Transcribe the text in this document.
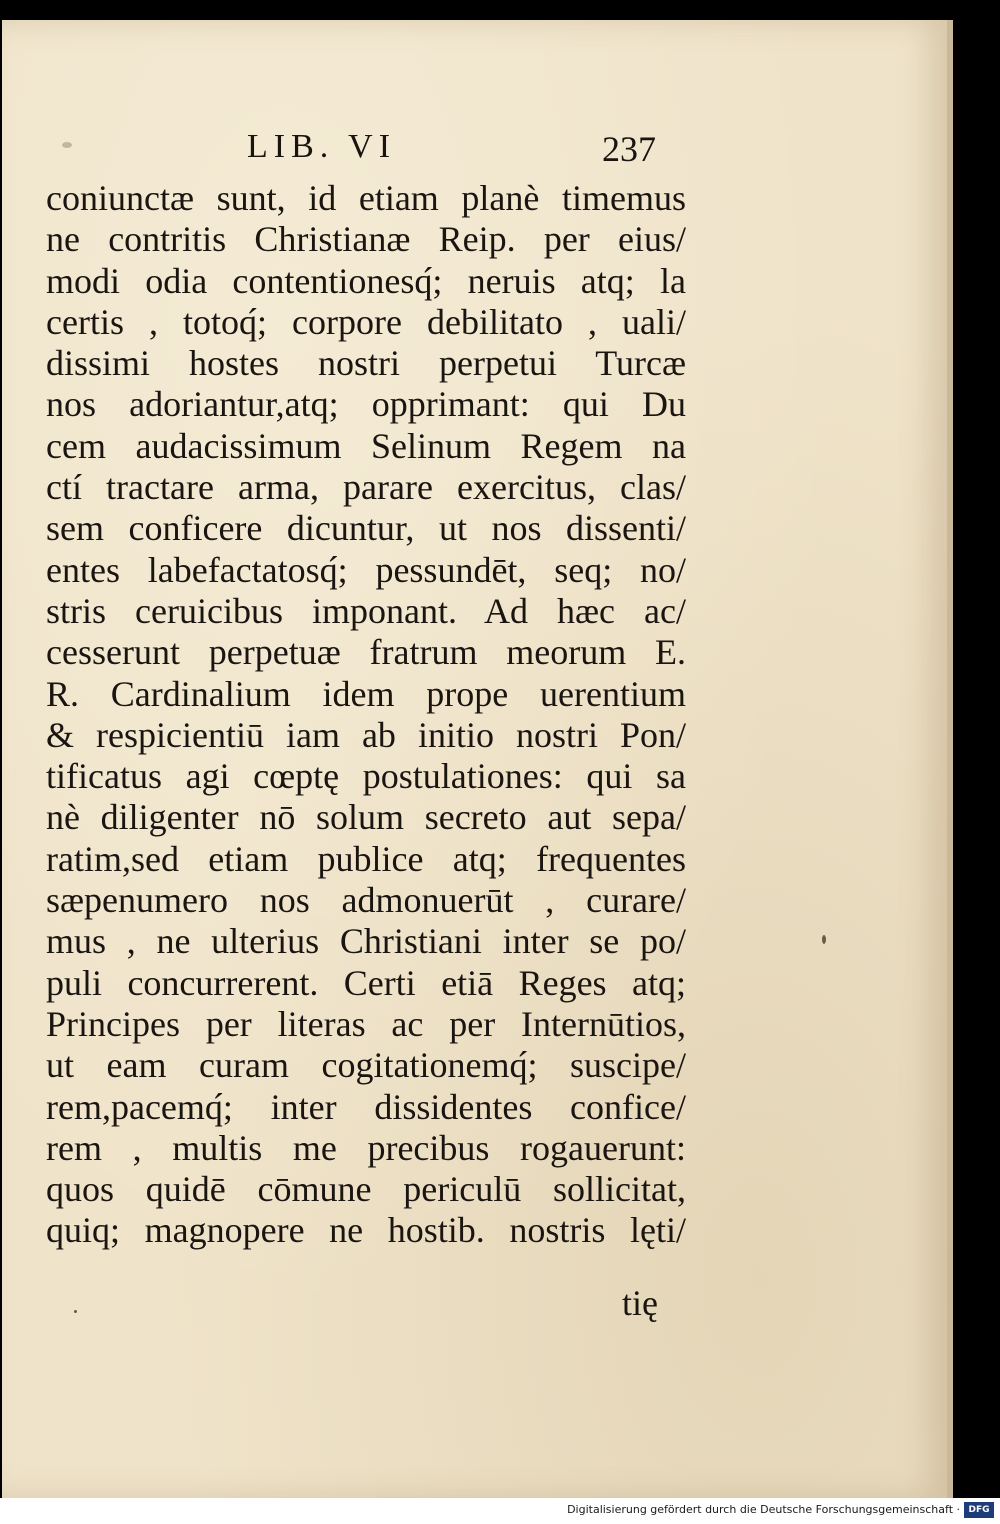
LIB. VI	237
coniunctæ sunt, id etiam planè timemus
ne contritis Christianæ Reip. per eius/
modi odia contentionesq́; neruis atq; la
certis , totoq́; corpore debilitato , uali/
dissimi hostes nostri perpetui Turcæ
nos adoriantur,atq; opprimant: qui Du
cem audacissimum Selinum Regem na
ctí tractare arma, parare exercitus, clas/
sem conficere dicuntur, ut nos dissenti/
entes labefactatosq́; pessundēt, seq; no/
stris ceruicibus imponant. Ad hæc ac/
cesserunt perpetuæ fratrum meorum E.
R. Cardinalium idem prope uerentium
& respicientiū iam ab initio nostri Pon/
tificatus agi cœptę postulationes: qui sa
nè diligenter nō solum secreto aut sepa/
ratim,sed etiam publice atq; frequentes
sæpenumero nos admonuerūt , curare/
mus , ne ulterius Christiani inter se po/
puli concurrerent. Certi etiā Reges atq;
Principes per literas ac per Internūtios,
ut eam curam cogitationemq́; suscipe/
rem,pacemq́; inter dissidentes confice/
rem , multis me precibus rogauerunt:
quos quidē cōmune periculū sollicitat,
quiq; magnopere ne hostib. nostris lęti/
tię
Digitalisierung gefördert durch die Deutsche Forschungsgemeinschaft · DFG
